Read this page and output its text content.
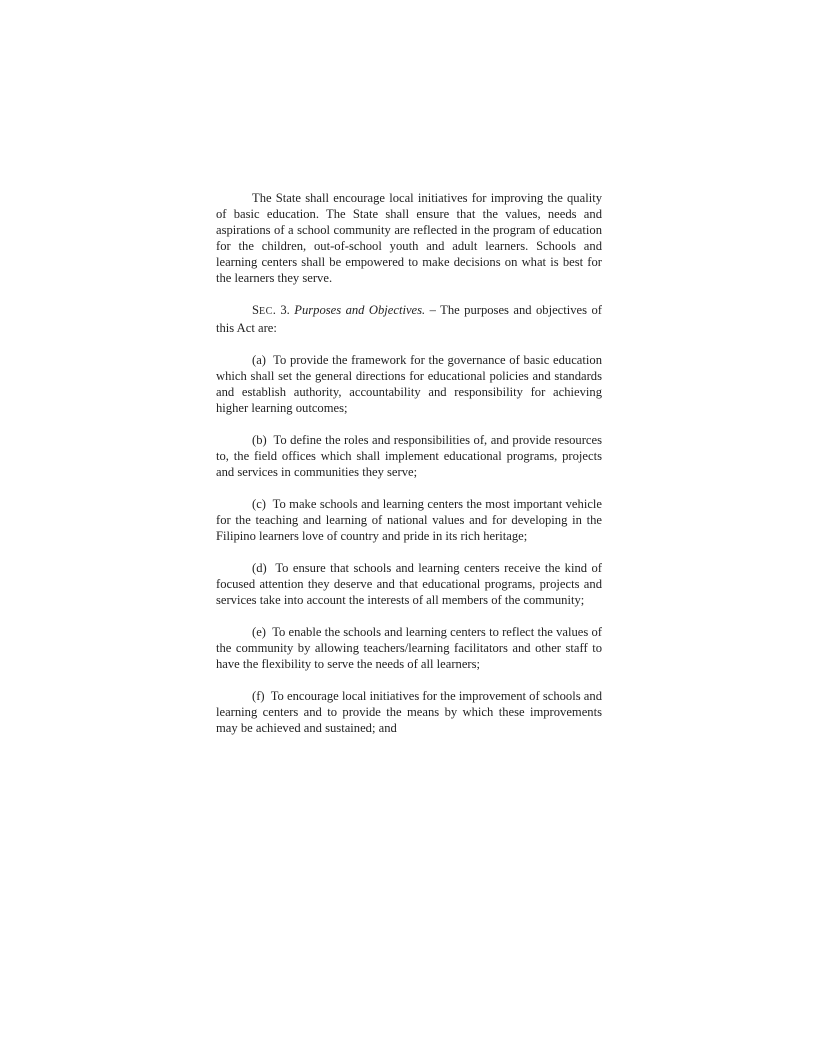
The State shall encourage local initiatives for improving the quality of basic education. The State shall ensure that the values, needs and aspirations of a school community are reflected in the program of education for the children, out-of-school youth and adult learners. Schools and learning centers shall be empowered to make decisions on what is best for the learners they serve.

SEC. 3. Purposes and Objectives. – The purposes and objectives of this Act are:

(a) To provide the framework for the governance of basic education which shall set the general directions for educational policies and standards and establish authority, accountability and responsibility for achieving higher learning outcomes;

(b) To define the roles and responsibilities of, and provide resources to, the field offices which shall implement educational programs, projects and services in communities they serve;

(c) To make schools and learning centers the most important vehicle for the teaching and learning of national values and for developing in the Filipino learners love of country and pride in its rich heritage;

(d) To ensure that schools and learning centers receive the kind of focused attention they deserve and that educational programs, projects and services take into account the interests of all members of the community;

(e) To enable the schools and learning centers to reflect the values of the community by allowing teachers/learning facilitators and other staff to have the flexibility to serve the needs of all learners;

(f) To encourage local initiatives for the improvement of schools and learning centers and to provide the means by which these improvements may be achieved and sustained; and
